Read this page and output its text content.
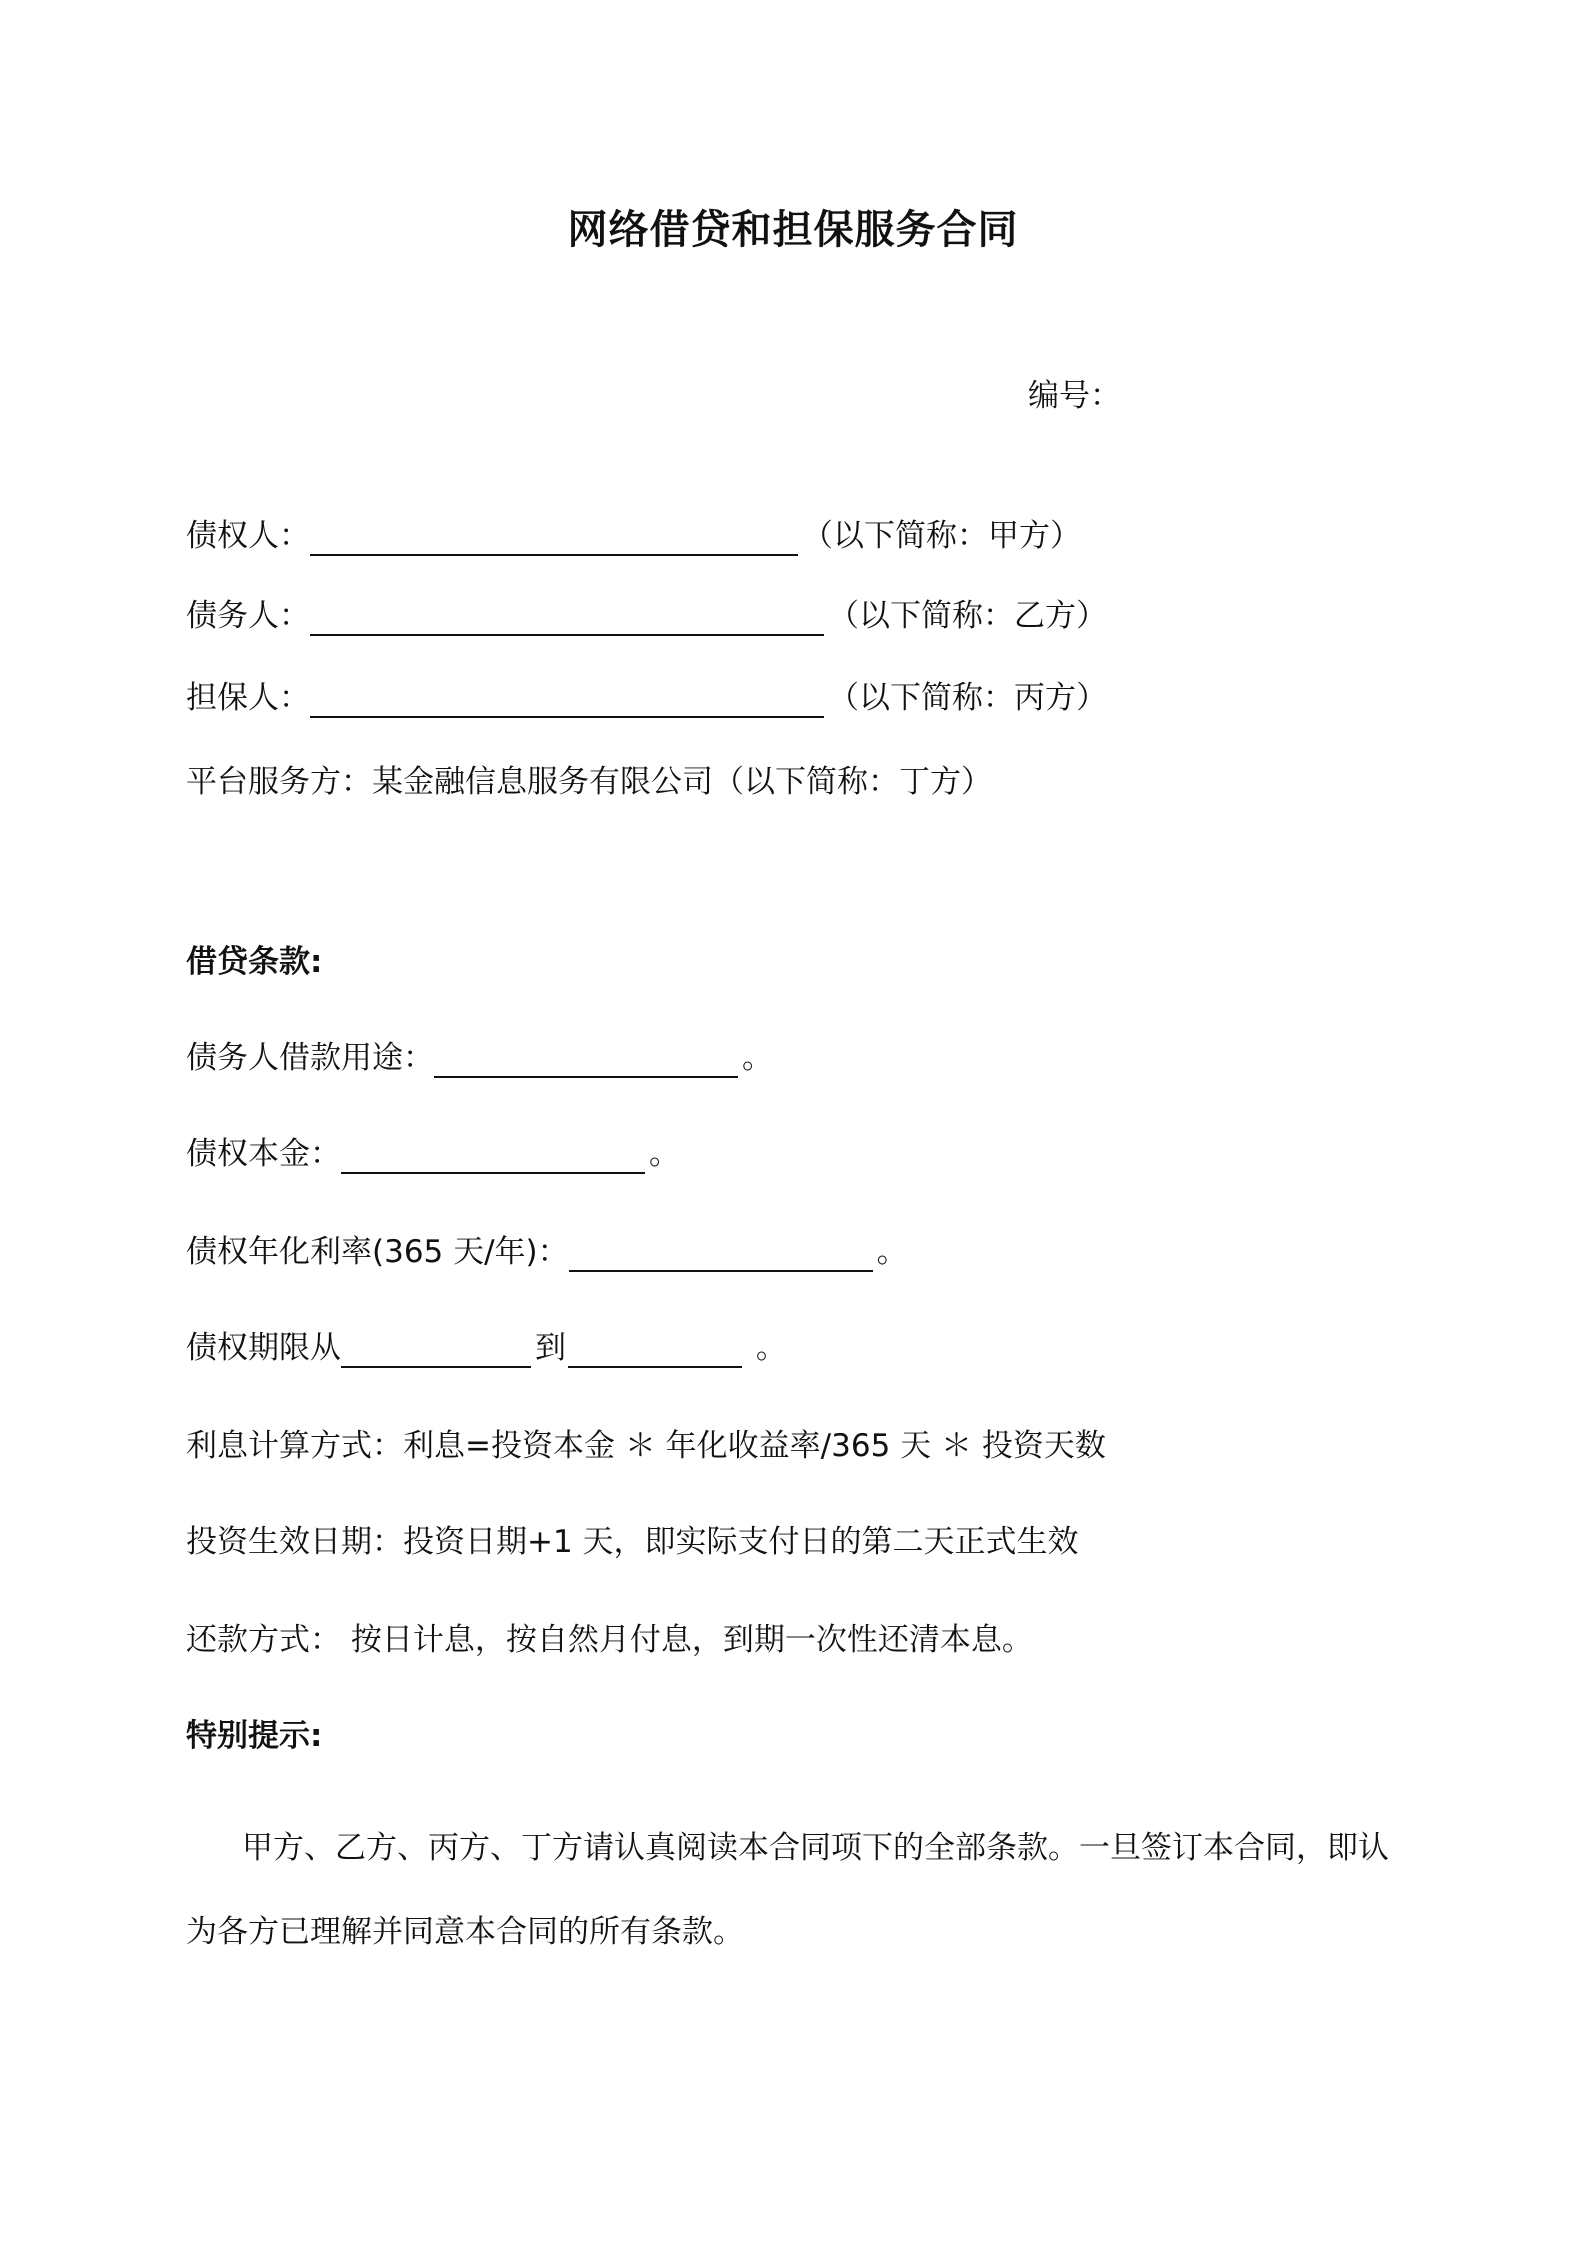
网络借贷和担保服务合同
编号：
债权人：	（以下简称：甲方）
债务人：	（以下简称：乙方）
担保人：	（以下简称：丙方）
平台服务方：某金融信息服务有限公司（以下简称：丁方）
借贷条款:
债务人借款用途：	。
债权本金：	。
债权年化利率(365 天/年)：	。
债权期限从	到	。
利息计算方式：利息=投资本金 ＊ 年化收益率/365 天 ＊ 投资天数
投资生效日期：投资日期+1 天，即实际支付日的第二天正式生效
还款方式： 按日计息，按自然月付息，到期一次性还清本息。
特别提示:
甲方、乙方、丙方、丁方请认真阅读本合同项下的全部条款。一旦签订本合同，即认为各方已理解并同意本合同的所有条款。
